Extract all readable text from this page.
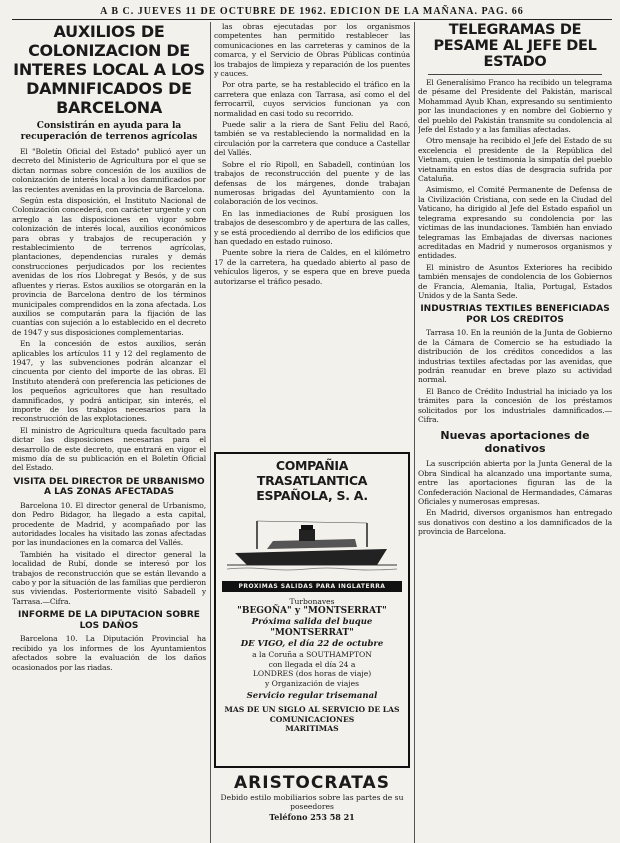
A B C. JUEVES 11 DE OCTUBRE DE 1962. EDICION DE LA MAÑANA. PAG. 66
AUXILIOS DE COLONIZACION DE INTERES LOCAL A LOS DAMNIFICADOS DE BARCELONA
Consistirán en ayuda para la recuperación de terrenos agrícolas

El "Boletín Oficial del Estado" publicó ayer un decreto del Ministerio de Agricultura por el que se dictan normas sobre concesión de los auxilios de colonización de interés local a los damnificados por las recientes avenidas en la provincia de Barcelona.

Según esta disposición, el Instituto Nacional de Colonización concederá, con carácter urgente y con arreglo a las disposiciones en vigor sobre colonización de interés local, auxilios económicos para obras y trabajos de recuperación y restablecimiento de terrenos agrícolas, plantaciones, dependencias rurales y demás construcciones perjudicados por los recientes avenidas de los ríos Llobregat y Besós, y de sus afluentes y rieras. Estos auxilios se otorgarán en la provincia de Barcelona dentro de los términos municipales comprendidos en la zona afectada. Los auxilios se computarán para la fijación de las cuantías con sujeción a lo establecido en el decreto de 1947 y sus disposiciones complementarias.

En la concesión de estos auxilios, serán aplicables los artículos 11 y 12 del reglamento de 1947, y las subvenciones podrán alcanzar el cincuenta por ciento del importe de las obras. El Instituto atenderá con preferencia las peticiones de los pequeños agricultores que han resultado damnificados, y podrá anticipar, sin interés, el importe de los trabajos necesarios para la reconstrucción de las explotaciones.

El ministro de Agricultura queda facultado para dictar las disposiciones necesarias para el desarrollo de este decreto, que entrará en vigor el mismo día de su publicación en el Boletín Oficial del Estado.

VISITA DEL DIRECTOR DE URBANISMO A LAS ZONAS AFECTADAS

Barcelona 10. El director general de Urbanismo, don Pedro Bidagor, ha llegado a esta capital, procedente de Madrid, y acompañado por las autoridades locales ha visitado las zonas afectadas por las inundaciones en la comarca del Vallés.

También ha visitado el director general la localidad de Rubí, donde se interesó por los trabajos de reconstrucción que se están llevando a cabo y por la situación de las familias que perdieron sus viviendas. Posteriormente visitó Sabadell y Tarrasa.—Cifra.

INFORME DE LA DIPUTACION SOBRE LOS DAÑOS

Barcelona 10. La Diputación Provincial ha recibido ya los informes de los Ayuntamientos afectados sobre la evaluación de los daños ocasionados por las riadas.

las obras ejecutadas por los organismos competentes han permitido restablecer las comunicaciones en las carreteras y caminos de la comarca, y el Servicio de Obras Públicas continúa los trabajos de limpieza y reparación de los puentes y cauces.

Por otra parte, se ha restablecido el tráfico en la carretera que enlaza con Tarrasa, así como el del ferrocarril, cuyos servicios funcionan ya con normalidad en casi todo su recorrido.

Puede salir a la riera de Sant Feliu del Racó, también se va restableciendo la normalidad en la circulación por la carretera que conduce a Castellar del Vallés.

Sobre el río Ripoll, en Sabadell, continúan los trabajos de reconstrucción del puente y de las defensas de los márgenes, donde trabajan numerosas brigadas del Ayuntamiento con la colaboración de los vecinos.

En las inmediaciones de Rubí prosiguen los trabajos de desescombro y de apertura de las calles, y se está procediendo al derribo de los edificios que han quedado en estado ruinoso.

Puente sobre la riera de Caldes, en el kilómetro 17 de la carretera, ha quedado abierto al paso de vehículos ligeros, y se espera que en breve pueda autorizarse el tráfico pesado.

COMPAÑIA TRASATLANTICA
ESPAÑOLA, S. A.
PROXIMAS SALIDAS PARA INGLATERRA
Turbonaves
"BEGOÑA" y "MONTSERRAT"
Próxima salida del buque
"MONTSERRAT"
DE VIGO, el día 22 de octubre
a la Coruña a SOUTHAMPTON
con llegada el día 24 a
LONDRES (dos horas de viaje)
y Organización de viajes
Servicio regular trisemanal
MAS DE UN SIGLO AL SERVICIO DE LAS COMUNICACIONES
MARITIMAS
ARISTOCRATAS
Debido estilo mobiliarios sobre las partes de su poseedores
Teléfono 253 58 21
TELEGRAMAS DE PESAME AL JEFE DEL ESTADO

El Generalísimo Franco ha recibido un telegrama de pésame del Presidente del Pakistán, mariscal Mohammad Ayub Khan, expresando su sentimiento por las inundaciones y en nombre del Gobierno y del pueblo del Pakistán transmite su condolencia al Jefe del Estado y a las familias afectadas.

Otro mensaje ha recibido el Jefe del Estado de su excelencia el presidente de la República del Vietnam, quien le testimonia la simpatía del pueblo vietnamita en estos días de desgracia sufrida por Cataluña.

Asimismo, el Comité Permanente de Defensa de la Civilización Cristiana, con sede en la Ciudad del Vaticano, ha dirigido al Jefe del Estado español un telegrama expresando su condolencia por las víctimas de las inundaciones. También han enviado telegramas las Embajadas de diversas naciones acreditadas en Madrid y numerosos organismos y entidades.

El ministro de Asuntos Exteriores ha recibido también mensajes de condolencia de los Gobiernos de Francia, Alemania, Italia, Portugal, Estados Unidos y de la Santa Sede.

INDUSTRIAS TEXTILES BENEFICIADAS POR LOS CREDITOS

Tarrasa 10. En la reunión de la Junta de Gobierno de la Cámara de Comercio se ha estudiado la distribución de los créditos concedidos a las industrias textiles afectadas por las avenidas, que podrán reanudar en breve plazo su actividad normal.

El Banco de Crédito Industrial ha iniciado ya los trámites para la concesión de los préstamos solicitados por los industriales damnificados.—Cifra.

Nuevas aportaciones de donativos

La suscripción abierta por la Junta General de la Obra Sindical ha alcanzado una importante suma, entre las aportaciones figuran las de la Confederación Nacional de Hermandades, Cámaras Oficiales y numerosas empresas.

En Madrid, diversos organismos han entregado sus donativos con destino a los damnificados de la provincia de Barcelona.
